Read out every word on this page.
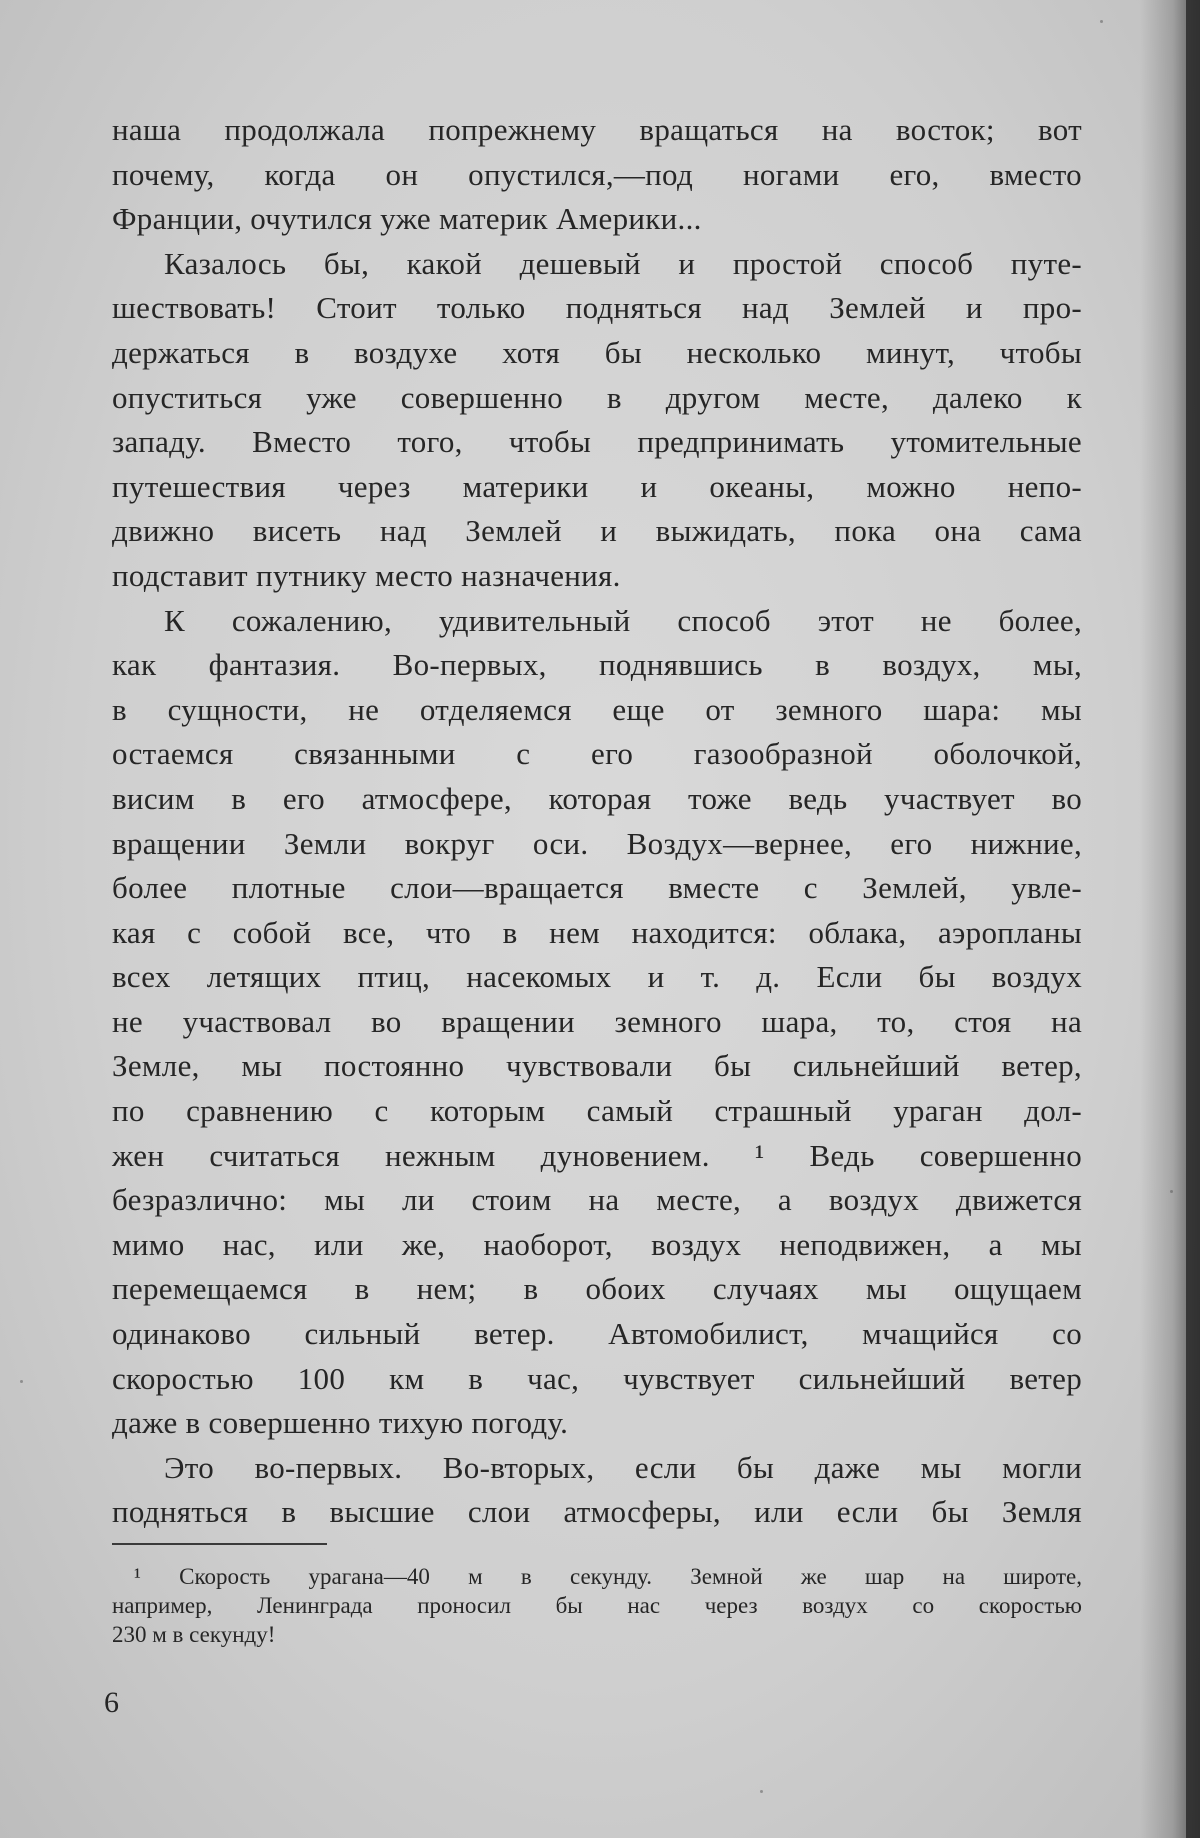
наша продолжала попрежнему вращаться на восток; вот
почему, когда он опустился,—под ногами его, вместо
Франции, очутился уже материк Америки...
Казалось бы, какой дешевый и простой способ путе-
шествовать! Стоит только подняться над Землей и про-
держаться в воздухе хотя бы несколько минут, чтобы
опуститься уже совершенно в другом месте, далеко к
западу. Вместо того, чтобы предпринимать утомительные
путешествия через материки и океаны, можно непо-
движно висеть над Землей и выжидать, пока она сама
подставит путнику место назначения.
К сожалению, удивительный способ этот не более,
как фантазия. Во-первых, поднявшись в воздух, мы,
в сущности, не отделяемся еще от земного шара: мы
остаемся связанными с его газообразной оболочкой,
висим в его атмосфере, которая тоже ведь участвует во
вращении Земли вокруг оси. Воздух—вернее, его нижние,
более плотные слои—вращается вместе с Землей, увле-
кая с собой все, что в нем находится: облака, аэропланы
всех летящих птиц, насекомых и т. д. Если бы воздух
не участвовал во вращении земного шара, то, стоя на
Земле, мы постоянно чувствовали бы сильнейший ветер,
по сравнению с которым самый страшный ураган дол-
жен считаться нежным дуновением. ¹ Ведь совершенно
безразлично: мы ли стоим на месте, а воздух движется
мимо нас, или же, наоборот, воздух неподвижен, а мы
перемещаемся в нем; в обоих случаях мы ощущаем
одинаково сильный ветер. Автомобилист, мчащийся со
скоростью 100 км в час, чувствует сильнейший ветер
даже в совершенно тихую погоду.
Это во-первых. Во-вторых, если бы даже мы могли
подняться в высшие слои атмосферы, или если бы Земля
¹ Скорость урагана—40 м в секунду. Земной же шар на широте,
например, Ленинграда проносил бы нас через воздух со скоростью
230 м в секунду!
6
